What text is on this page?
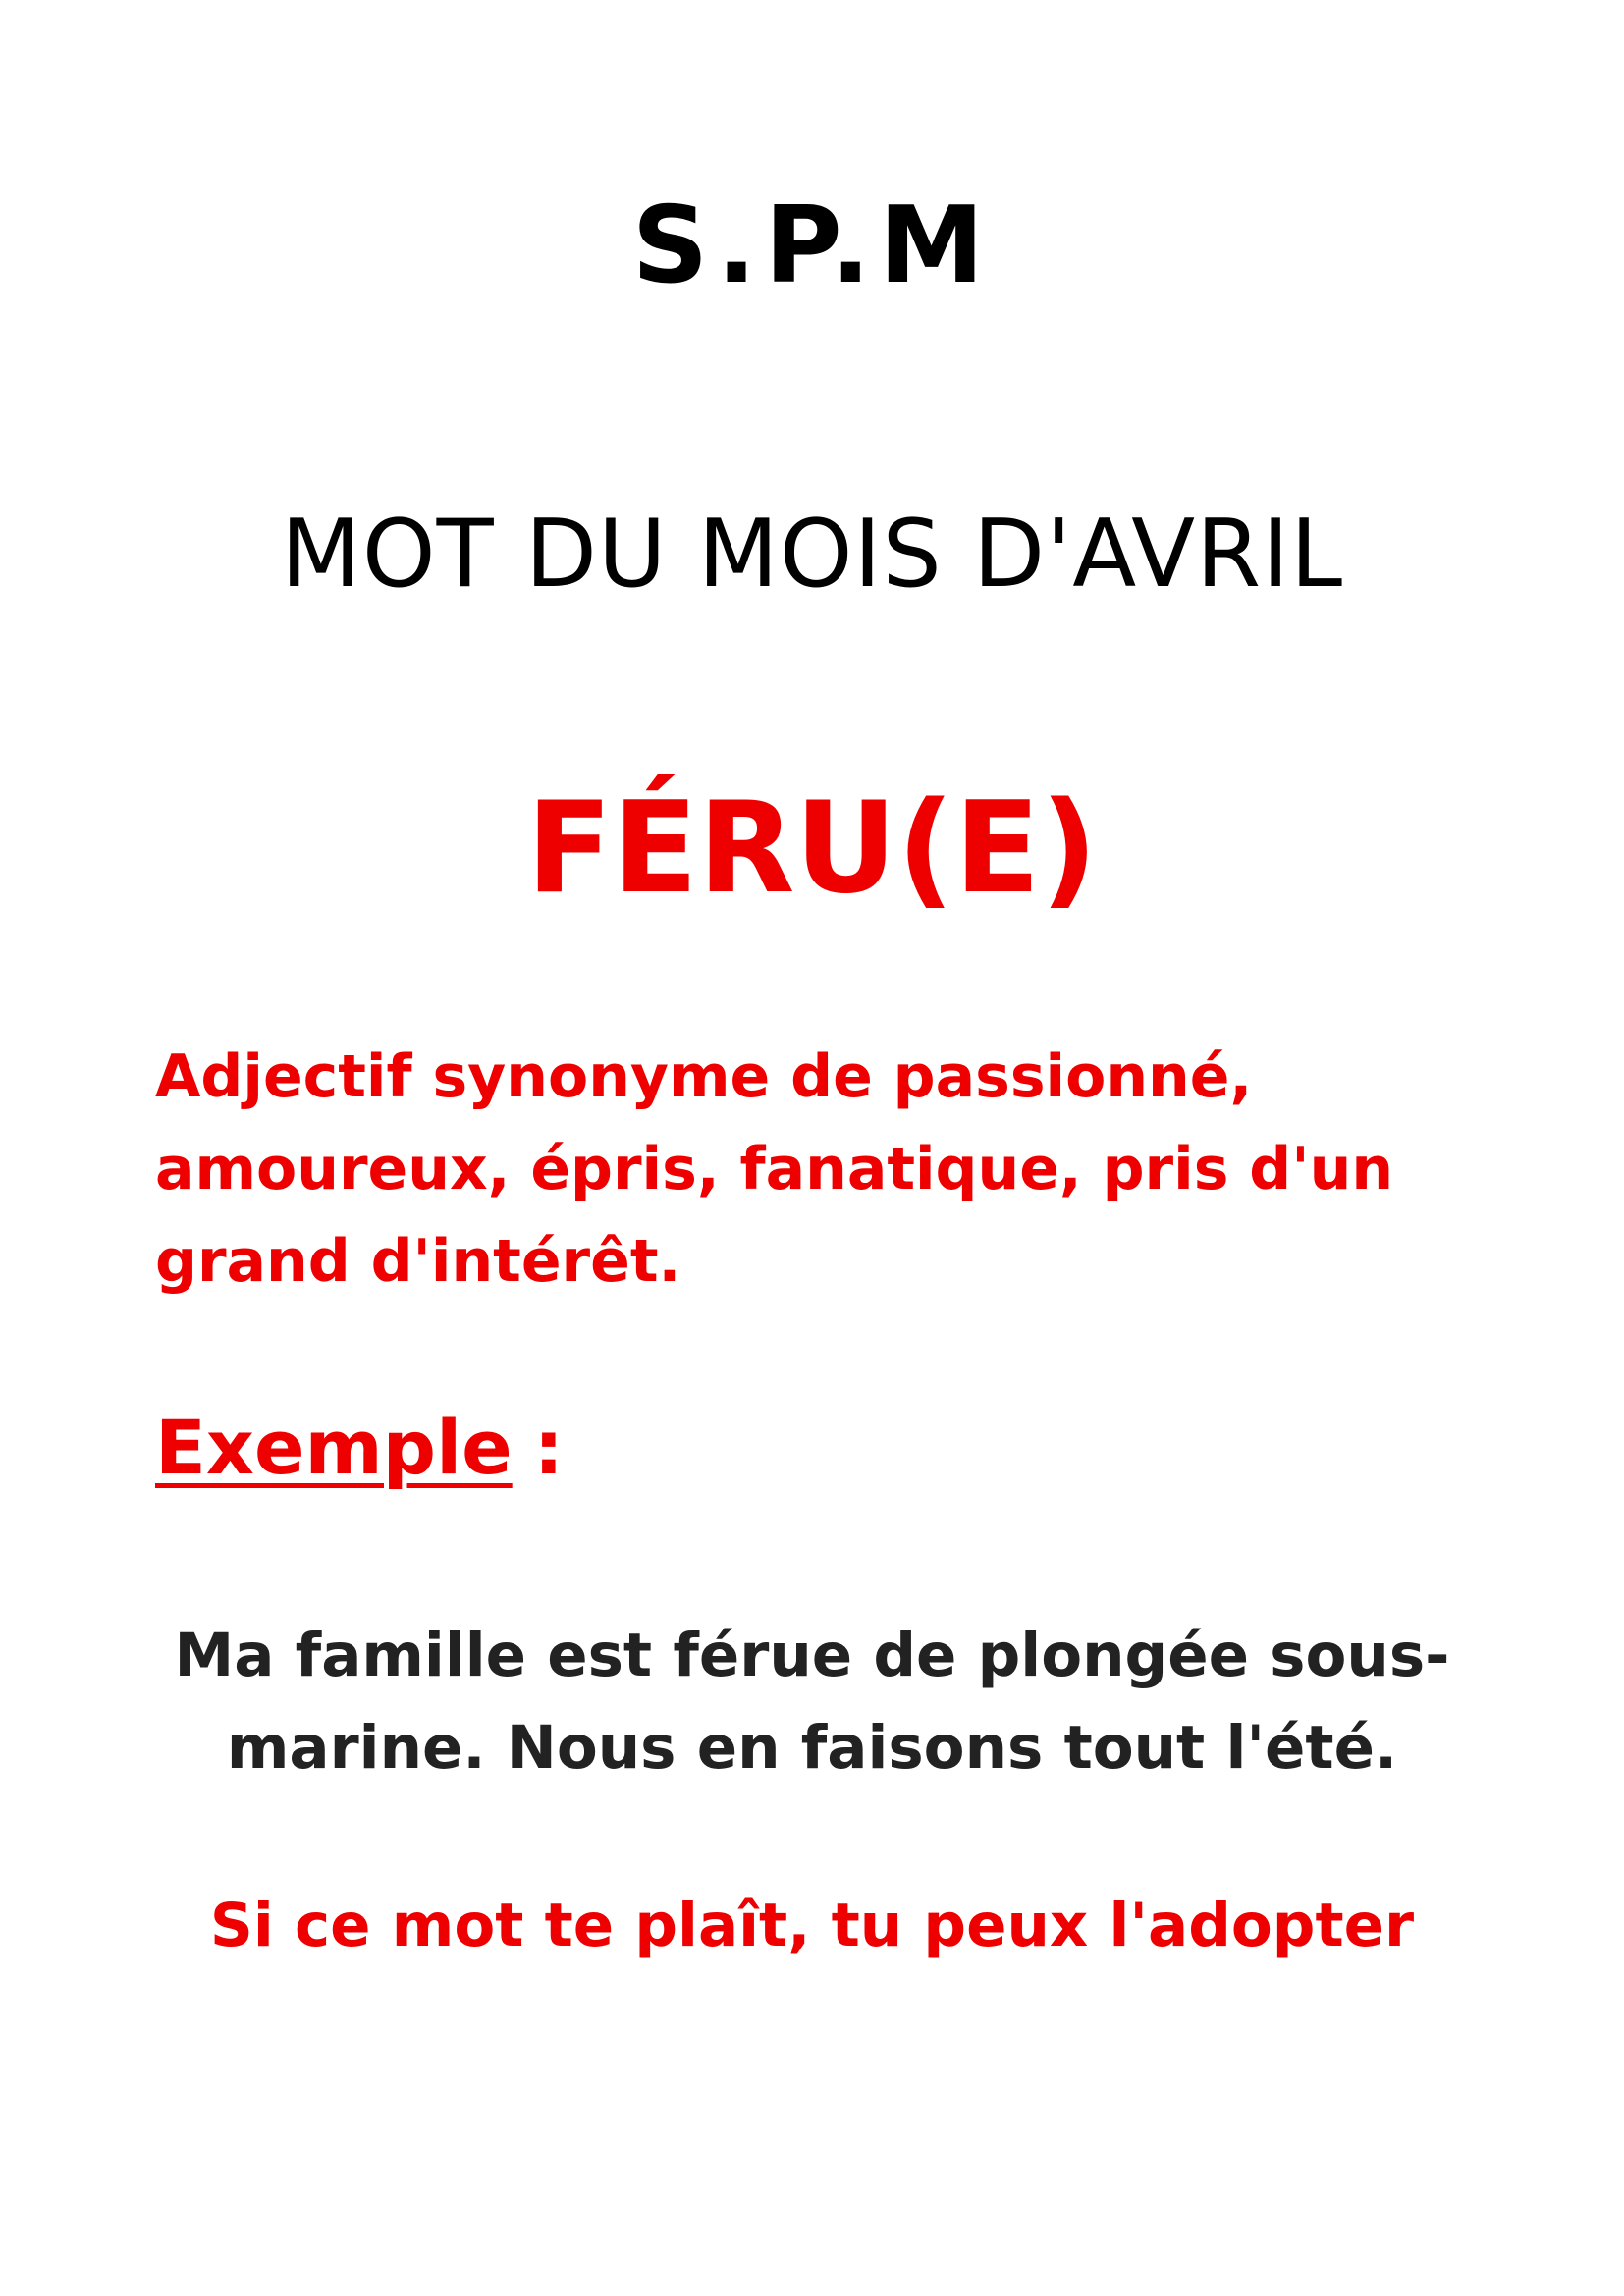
S.P.M
MOT DU MOIS D'AVRIL
FÉRU(E)
Adjectif synonyme de passionné,
amoureux, épris, fanatique, pris d'un
grand d'intérêt.
Exemple :
Ma famille est férue de plongée sous-
marine. Nous en faisons tout l'été.
Si ce mot te plaît, tu peux l'adopter
